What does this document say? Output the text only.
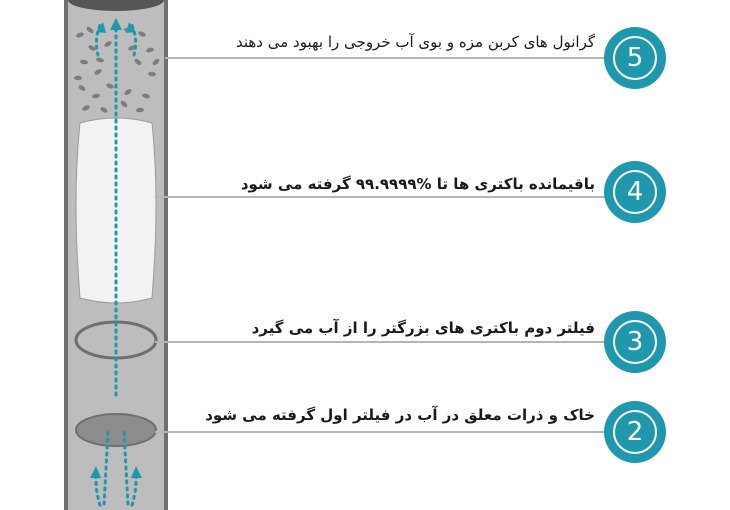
گرانول های کربن مزه و بوی آب خروجی را بهبود می دهند
باقیمانده باکتری ها تا %۹۹.۹۹۹۹ گرفته می شود
فیلتر دوم باکتری های بزرگتر را از آب می گیرد
خاک و ذرات معلق در آب در فیلتر اول گرفته می شود
5
4
3
2
